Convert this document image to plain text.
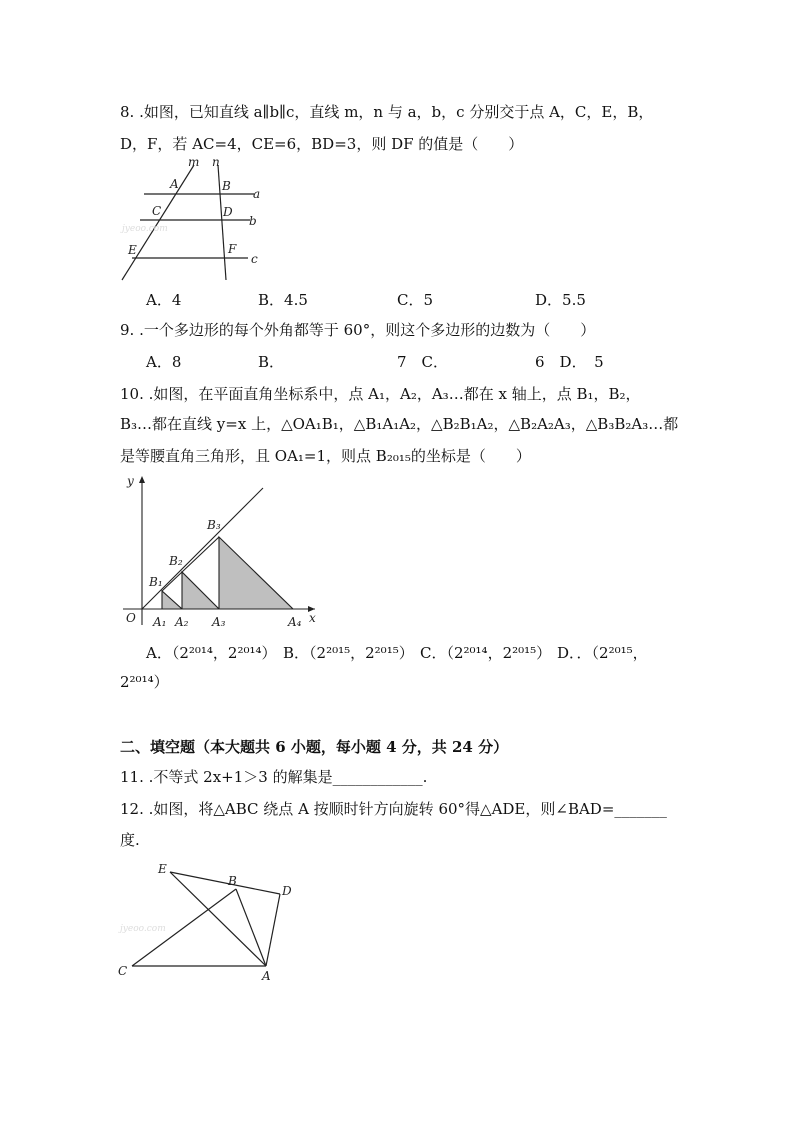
8. .如图，已知直线 a∥b∥c，直线 m，n 与 a，b，c 分别交于点 A，C，E，B，
D，F，若 AC=4，CE=6，BD=3，则 DF 的值是（　　）
m n
A	B
C	D
E	F
a
b
c
jyeoo.com
A．4	B．4.5	C．5	D．5.5
9. .一个多边形的每个外角都等于 60°，则这个多边形的边数为（　　）
A．8	B．	7　C．	6　D．　5
10. .如图，在平面直角坐标系中，点 A₁，A₂，A₃…都在 x 轴上，点 B₁，B₂，
B₃…都在直线 y=x 上，△OA₁B₁，△B₁A₁A₂，△B₂B₁A₂，△B₂A₂A₃，△B₃B₂A₃…都
是等腰直角三角形，且 OA₁=1，则点 B₂₀₁₅的坐标是（　　）
y
x
O A₁ A₂ A₃	A₄
B₁
B₂
B₃
A．（2²⁰¹⁴，2²⁰¹⁴） B．（2²⁰¹⁵，2²⁰¹⁵） C．（2²⁰¹⁴，2²⁰¹⁵） D．．（2²⁰¹⁵，
2²⁰¹⁴）
二、填空题（本大题共 6 小题，每小题 4 分，共 24 分）
11. .不等式 2x+1＞3 的解集是____________.
12. .如图，将△ABC 绕点 A 按顺时针方向旋转 60°得△ADE，则∠BAD=_______
度.
E
B
D
C	A
jyeoo.com
